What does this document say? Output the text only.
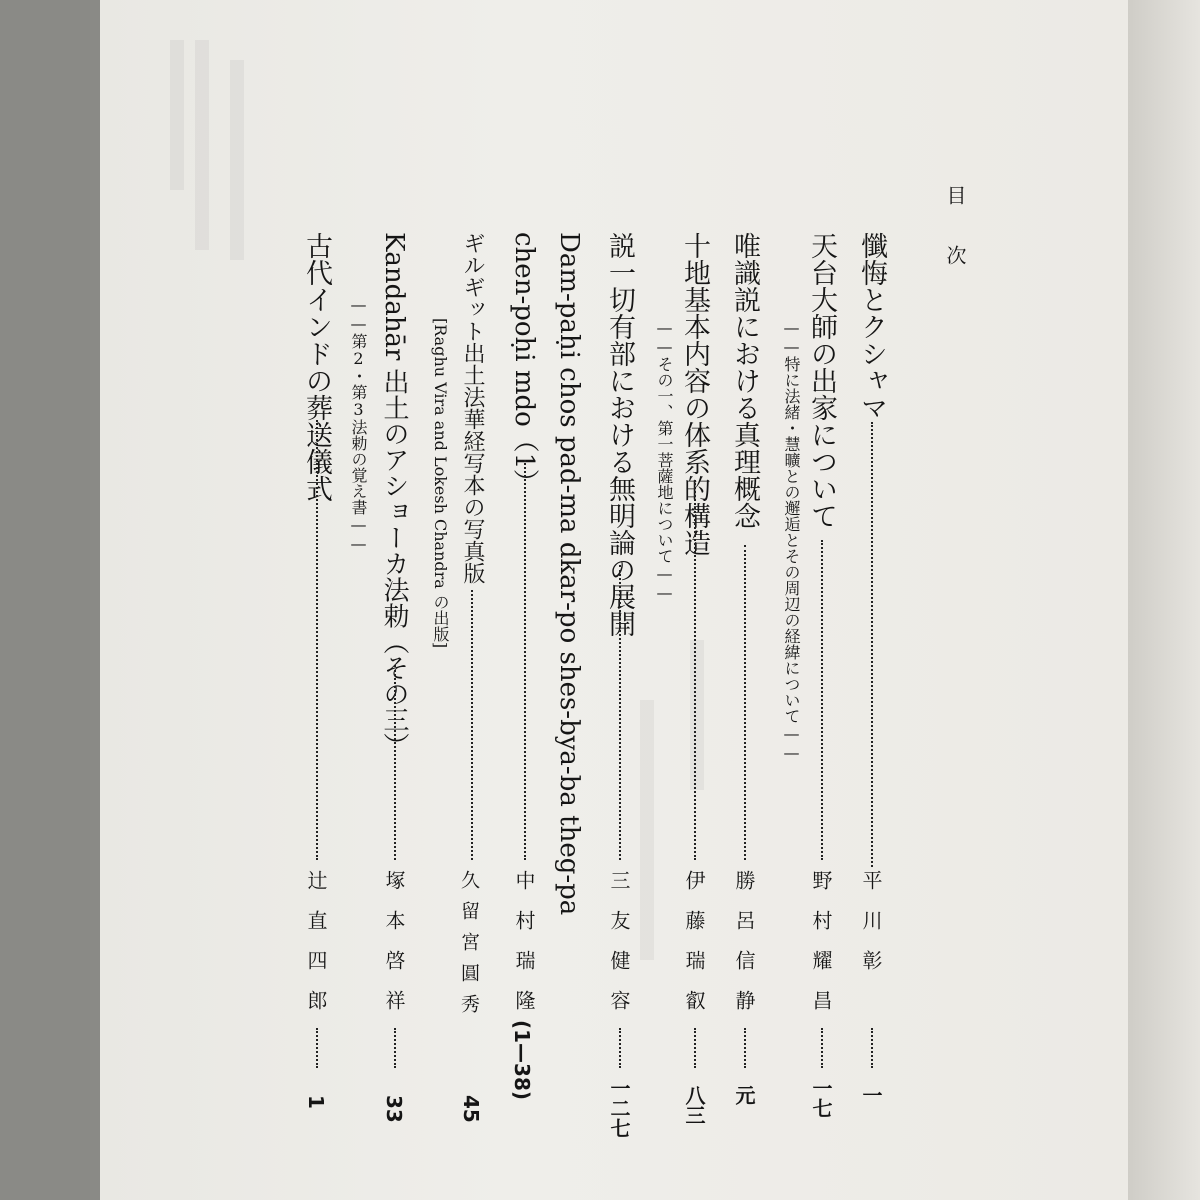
目次
懺悔とクシャマ
平川彰
一
天台大師の出家について
——特に法緒・慧曠との邂逅とその周辺の経緯について——
野村耀昌
一七
唯識説における真理概念
勝呂信静
元
十地基本内容の体系的構造
——その一、第一菩薩地について——
伊藤瑞叡
八三
説一切有部における無明論の展開
三友健容
一二七
Dam-paḥi chos pad-ma dkar-po shes-bya-ba theg-pa
chen-poḥi mdo（1）
中村瑞隆
(1—38)
ギルギット出土法華経写本の写真版
[Raghu Vira and Lokesh Chandra の出版]
久留宮圓秀
45
Kandahār 出土のアショーカ法勅（その三）
——第2・第3法勅の覚え書——
塚本啓祥
33
古代インドの葬送儀式
辻直四郎
1
